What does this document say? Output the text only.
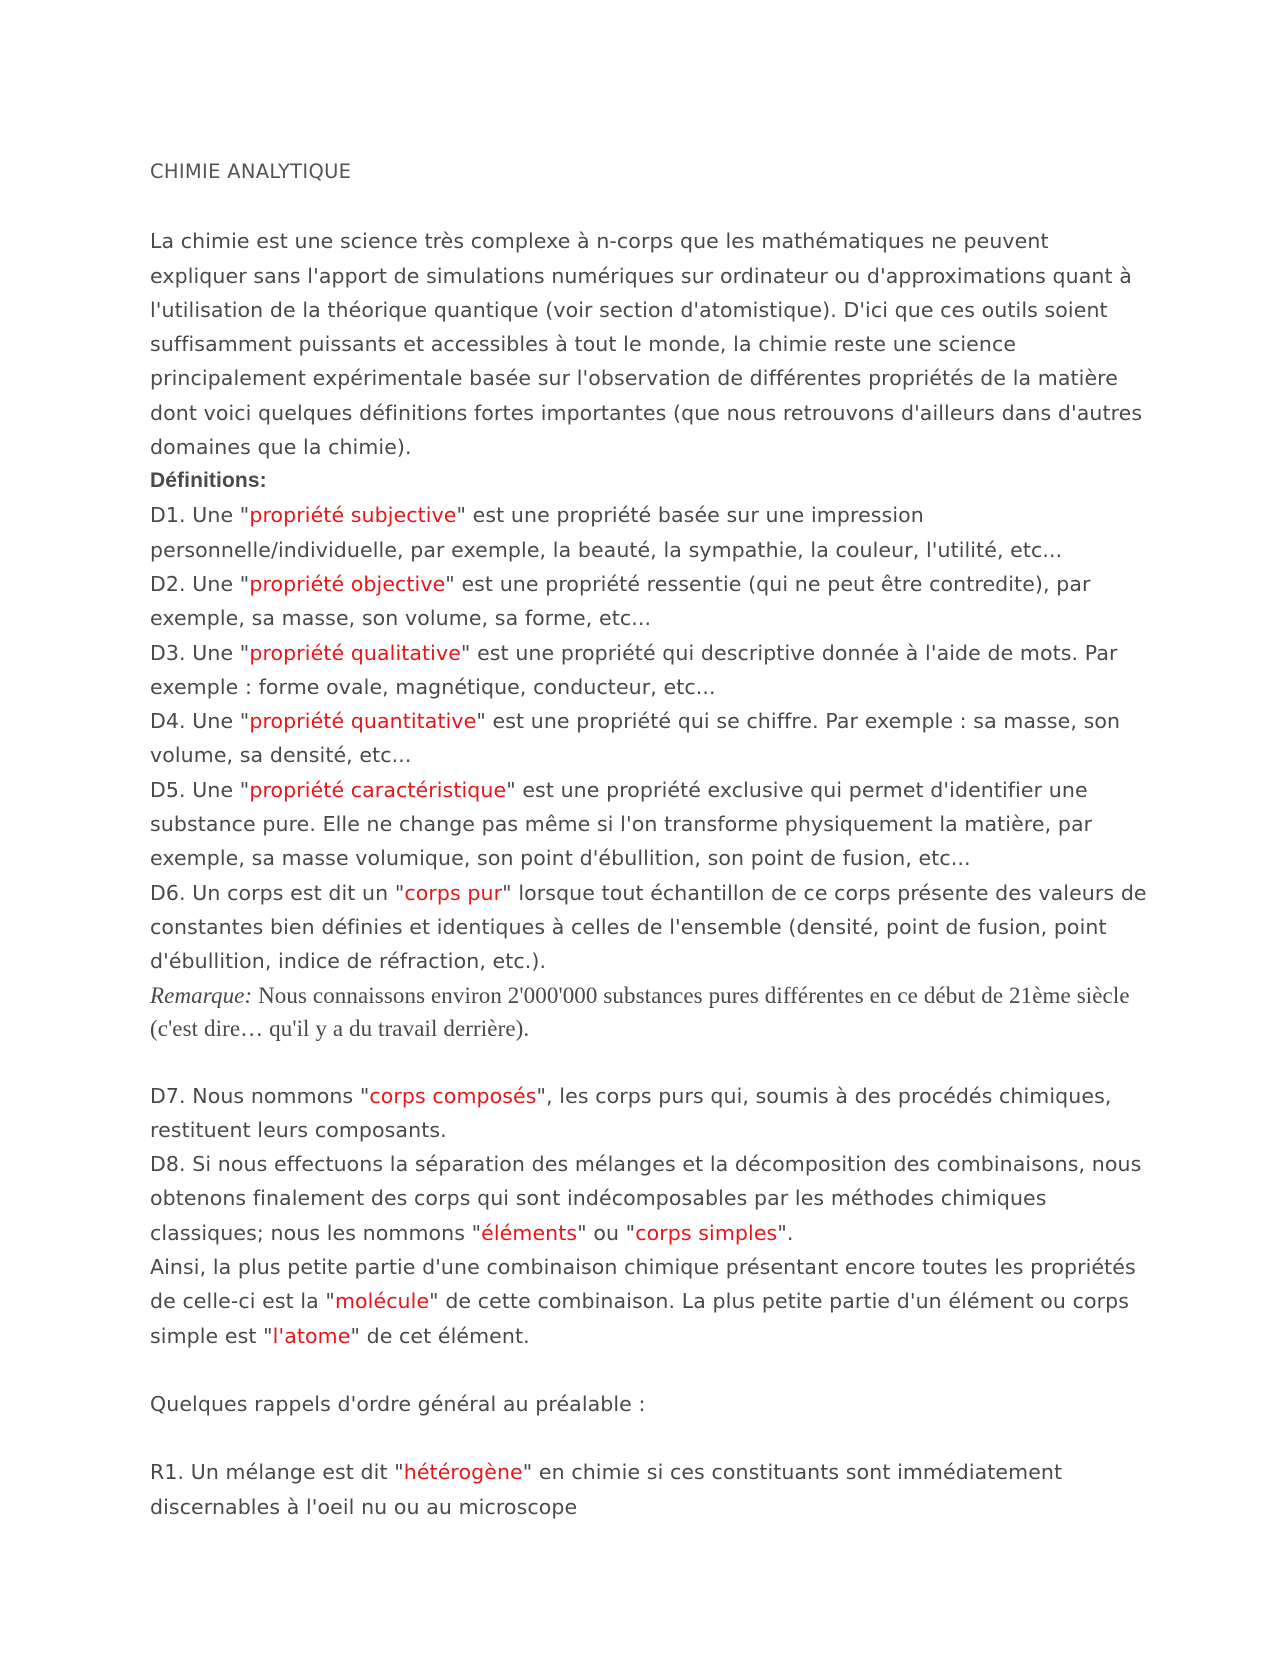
CHIMIE ANALYTIQUE

La chimie est une science très complexe à n-corps que les mathématiques ne peuvent expliquer sans l'apport de simulations numériques sur ordinateur ou d'approximations quant à l'utilisation de la théorique quantique (voir section d'atomistique). D'ici que ces outils soient suffisamment puissants et accessibles à tout le monde, la chimie reste une science principalement expérimentale basée sur l'observation de différentes propriétés de la matière dont voici quelques définitions fortes importantes (que nous retrouvons d'ailleurs dans d'autres domaines que la chimie).

Définitions:

D1. Une "propriété subjective" est une propriété basée sur une impression personnelle/individuelle, par exemple, la beauté, la sympathie, la couleur, l'utilité, etc...

D2. Une "propriété objective" est une propriété ressentie (qui ne peut être contredite), par exemple, sa masse, son volume, sa forme, etc...

D3. Une "propriété qualitative" est une propriété qui descriptive donnée à l'aide de mots. Par exemple : forme ovale, magnétique, conducteur, etc...

D4. Une "propriété quantitative" est une propriété qui se chiffre. Par exemple : sa masse, son volume, sa densité, etc...

D5. Une "propriété caractéristique" est une propriété exclusive qui permet d'identifier une substance pure. Elle ne change pas même si l'on transforme physiquement la matière, par exemple, sa masse volumique, son point d'ébullition, son point de fusion, etc...

D6. Un corps est dit un "corps pur" lorsque tout échantillon de ce corps présente des valeurs de constantes bien définies et identiques à celles de l'ensemble (densité, point de fusion, point d'ébullition, indice de réfraction, etc.).

Remarque: Nous connaissons environ 2'000'000 substances pures différentes en ce début de 21ème siècle (c'est dire… qu'il y a du travail derrière).

D7. Nous nommons "corps composés", les corps purs qui, soumis à des procédés chimiques, restituent leurs composants.

D8. Si nous effectuons la séparation des mélanges et la décomposition des combinaisons, nous obtenons finalement des corps qui sont indécomposables par les méthodes chimiques classiques; nous les nommons "éléments" ou "corps simples".

Ainsi, la plus petite partie d'une combinaison chimique présentant encore toutes les propriétés de celle-ci est la "molécule" de cette combinaison. La plus petite partie d'un élément ou corps simple est "l'atome" de cet élément.

Quelques rappels d'ordre général au préalable :

R1. Un mélange est dit "hétérogène" en chimie si ces constituants sont immédiatement discernables à l'oeil nu ou au microscope
